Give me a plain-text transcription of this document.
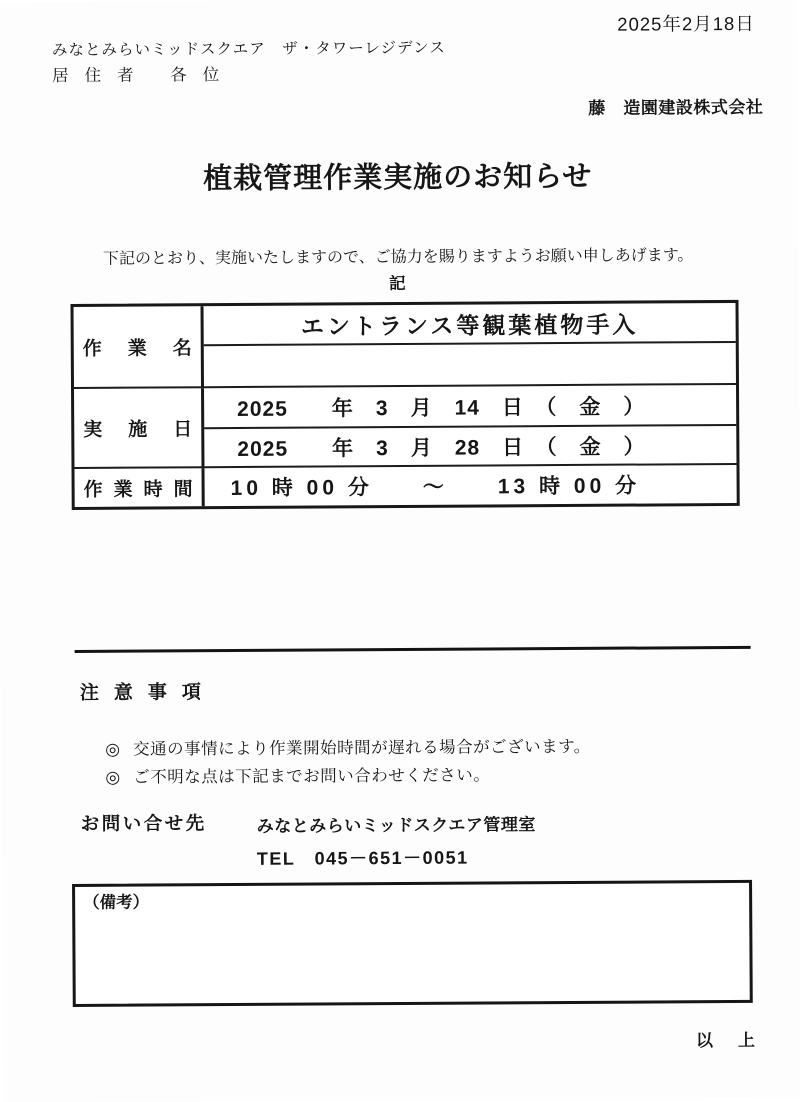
2025年2月18日
みなとみらいミッドスクエア　ザ・タワーレジデンス
居住者 各位
藤　造園建設株式会社
植栽管理作業実施のお知らせ
下記のとおり、実施いたしますので、ご協力を賜りますようお願い申しあげます。
記
作業名
エントランス等観葉植物手入
実施日
2025　　年　3　月　14　日　（　金　）
2025　　年　3　月　28　日　（　金　）
作業時間	10 時 00 分　　～　　13 時 00 分
注意事項
◎ 交通の事情により作業開始時間が遅れる場合がございます。
◎ ご不明な点は下記までお問い合わせください。
お問い合せ先	みなとみらいミッドスクエア管理室
TEL　045－651－0051
（備考）
以　上
